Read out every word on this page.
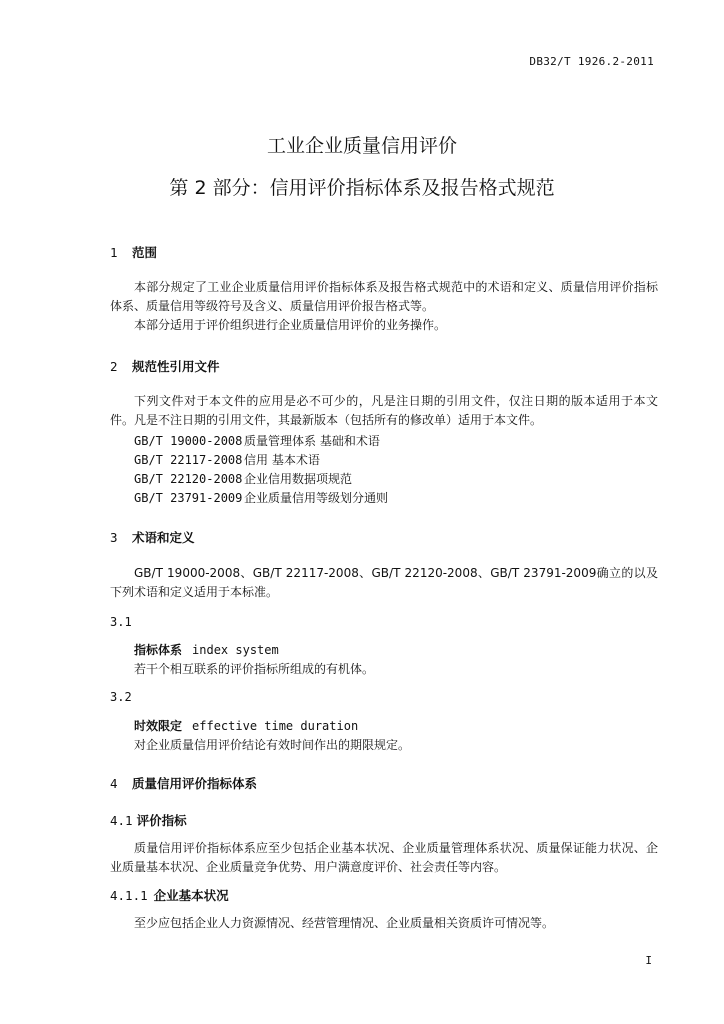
DB32/T 1926.2-2011
工业企业质量信用评价
第 2 部分：信用评价指标体系及报告格式规范
1 范围
本部分规定了工业企业质量信用评价指标体系及报告格式规范中的术语和定义、质量信用评价指标体系、质量信用等级符号及含义、质量信用评价报告格式等。
本部分适用于评价组织进行企业质量信用评价的业务操作。
2 规范性引用文件
下列文件对于本文件的应用是必不可少的，凡是注日期的引用文件，仅注日期的版本适用于本文件。凡是不注日期的引用文件，其最新版本（包括所有的修改单）适用于本文件。
GB/T 19000-2008 质量管理体系 基础和术语
GB/T 22117-2008 信用 基本术语
GB/T 22120-2008 企业信用数据项规范
GB/T 23791-2009 企业质量信用等级划分通则
3 术语和定义
GB/T 19000-2008、GB/T 22117-2008、GB/T 22120-2008、GB/T 23791-2009确立的以及下列术语和定义适用于本标准。
3.1
指标体系 index system
若干个相互联系的评价指标所组成的有机体。
3.2
时效限定 effective time duration
对企业质量信用评价结论有效时间作出的期限规定。
4 质量信用评价指标体系
4.1 评价指标
质量信用评价指标体系应至少包括企业基本状况、企业质量管理体系状况、质量保证能力状况、企业质量基本状况、企业质量竞争优势、用户满意度评价、社会责任等内容。
4.1.1 企业基本状况
至少应包括企业人力资源情况、经营管理情况、企业质量相关资质许可情况等。
I
